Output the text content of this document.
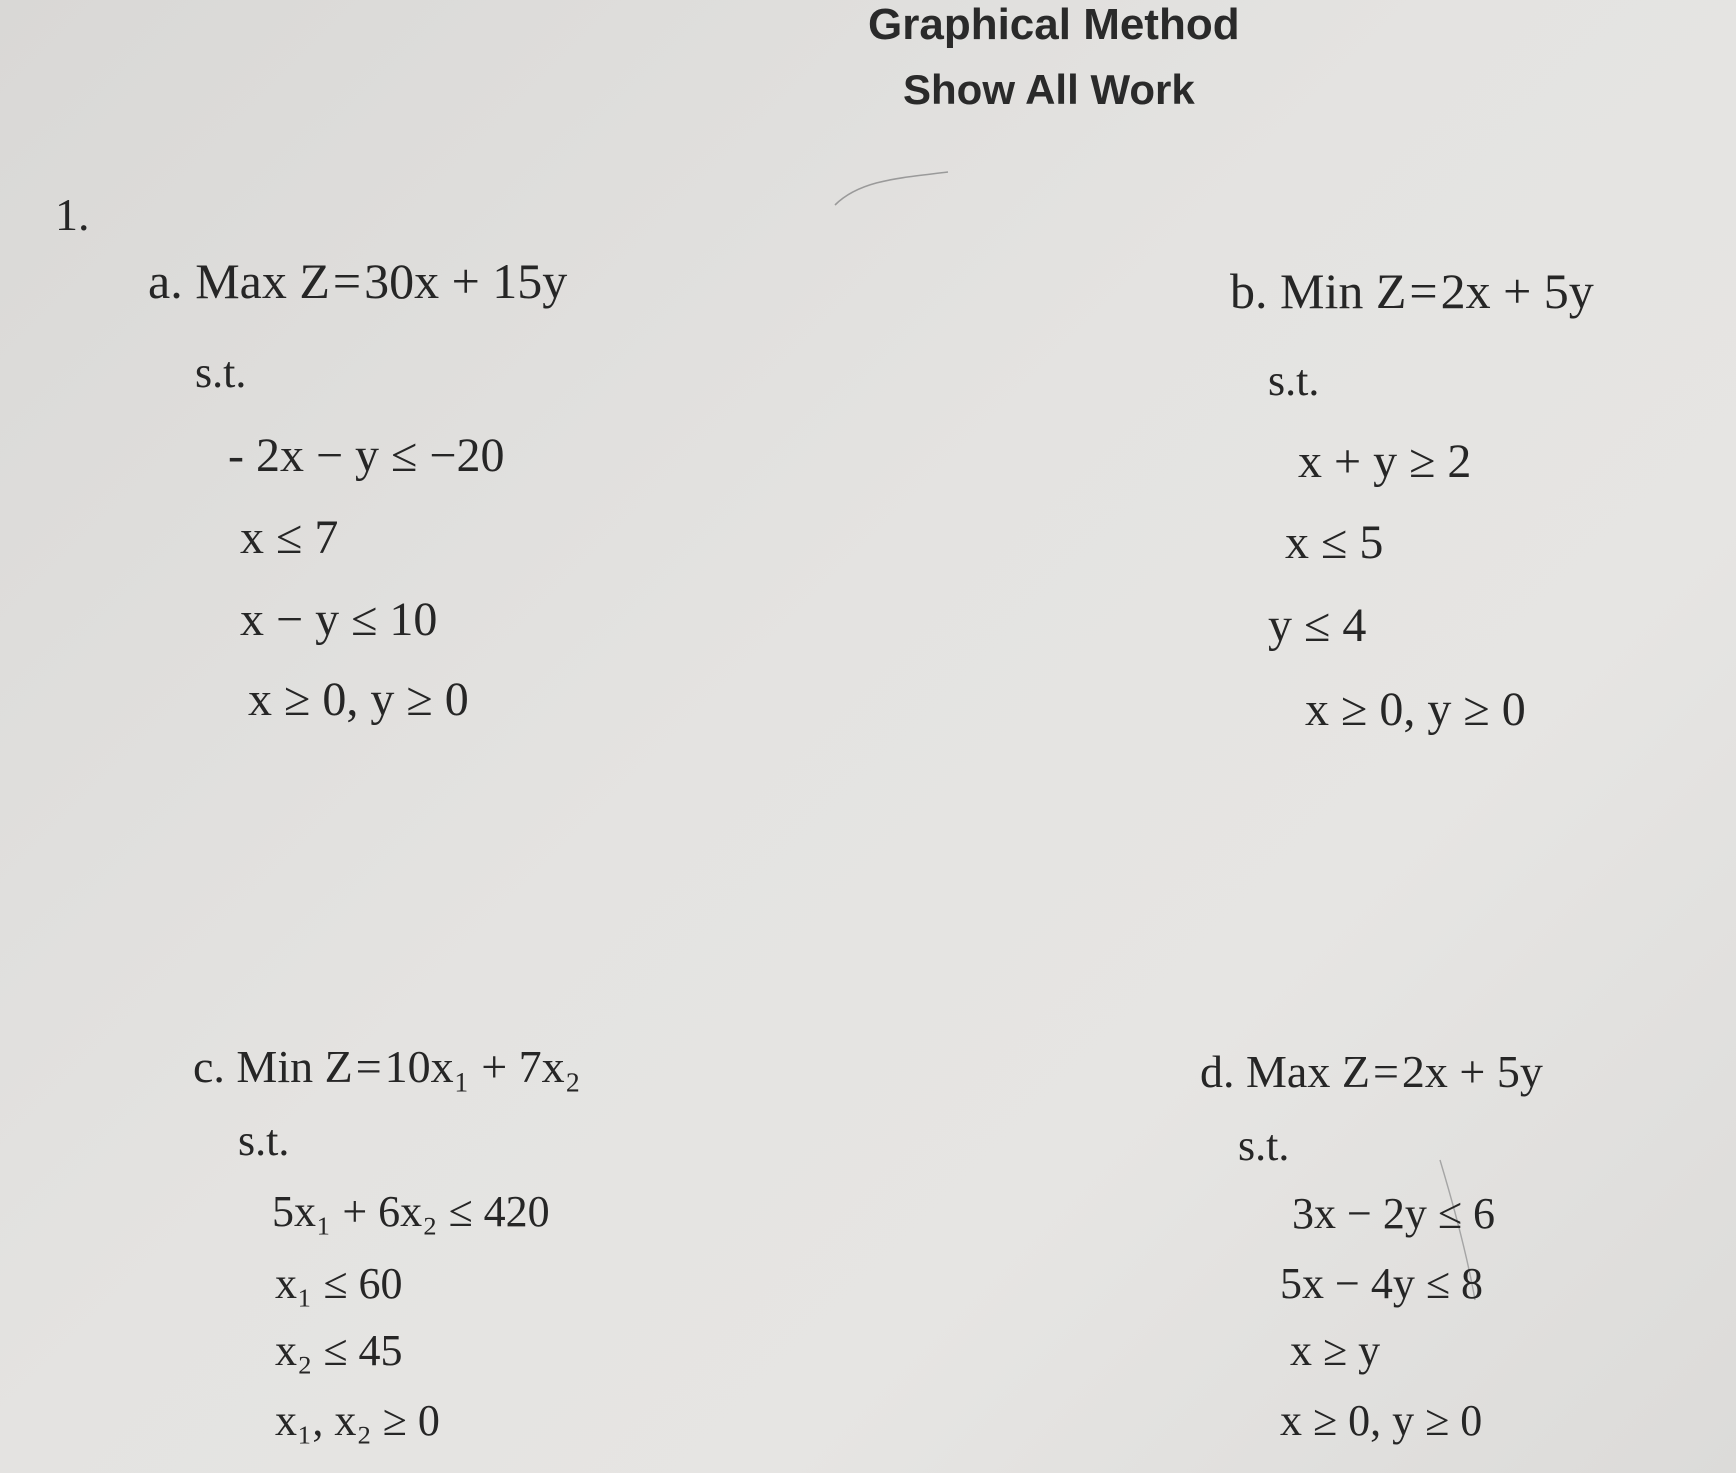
Graphical Method
Show All Work
1.
a. Max Z=30x + 15y
s.t.
- 2x − y ≤ −20
x ≤ 7
x − y ≤ 10
x ≥ 0, y ≥ 0
b. Min Z=2x + 5y
s.t.
x + y ≥ 2
x ≤ 5
y ≤ 4
x ≥ 0, y ≥ 0
c. Min Z=10x₁ + 7x₂
s.t.
5x₁ + 6x₂ ≤ 420
x₁ ≤ 60
x₂ ≤ 45
x₁, x₂ ≥ 0
d. Max Z=2x + 5y
s.t.
3x − 2y ≤ 6
5x − 4y ≤ 8
x ≥ y
x ≥ 0, y ≥ 0
